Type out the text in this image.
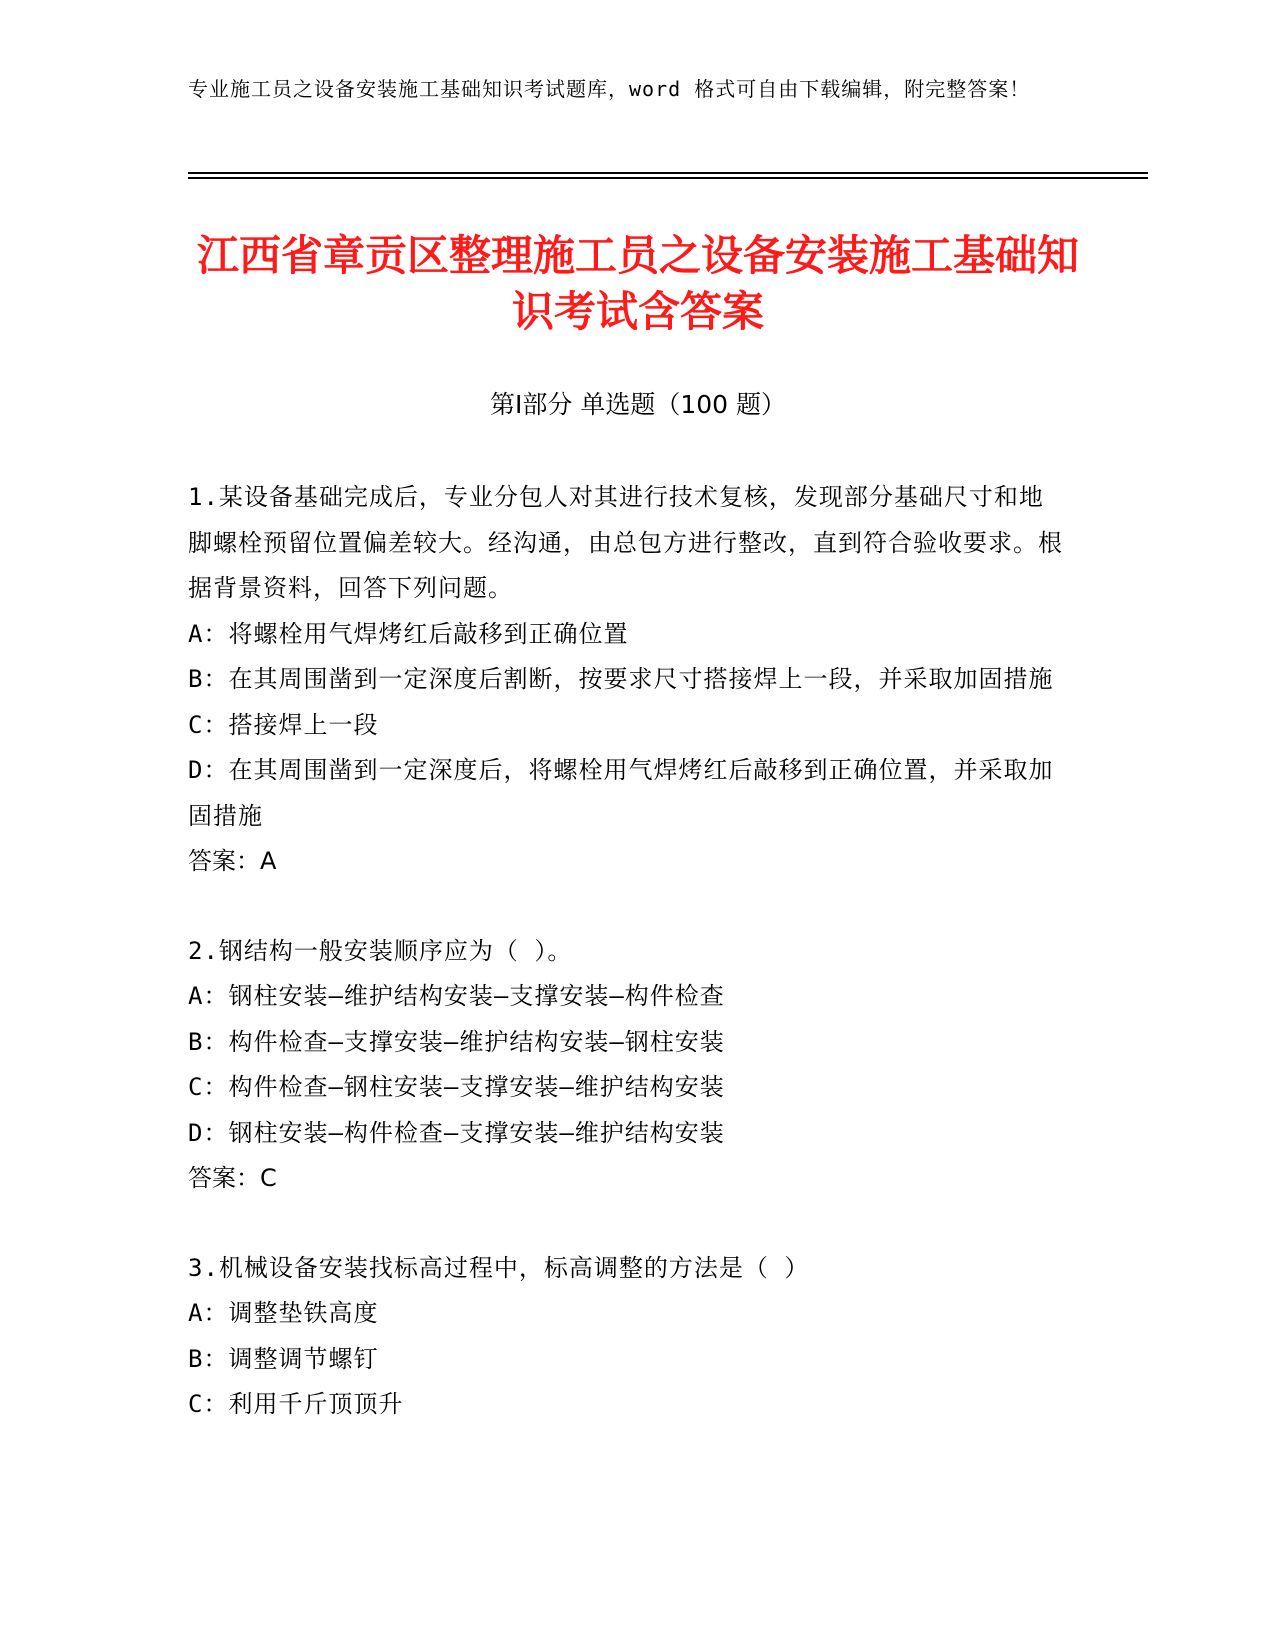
专业施工员之设备安装施工基础知识考试题库，word 格式可自由下载编辑，附完整答案！
江西省章贡区整理施工员之设备安装施工基础知识考试含答案
第Ⅰ部分 单选题（100 题）

1.某设备基础完成后，专业分包人对其进行技术复核，发现部分基础尺寸和地脚螺栓预留位置偏差较大。经沟通，由总包方进行整改，直到符合验收要求。根据背景资料，回答下列问题。

A：将螺栓用气焊烤红后敲移到正确位置

B：在其周围凿到一定深度后割断，按要求尺寸搭接焊上一段，并采取加固措施

C：搭接焊上一段

D：在其周围凿到一定深度后，将螺栓用气焊烤红后敲移到正确位置，并采取加固措施

答案：A

2.钢结构一般安装顺序应为（ ）。

A：钢柱安装—维护结构安装—支撑安装—构件检查

B：构件检查—支撑安装—维护结构安装—钢柱安装

C：构件检查—钢柱安装—支撑安装—维护结构安装

D：钢柱安装—构件检查—支撑安装—维护结构安装

答案：C

3.机械设备安装找标高过程中，标高调整的方法是（ ）

A：调整垫铁高度

B：调整调节螺钉

C：利用千斤顶顶升
